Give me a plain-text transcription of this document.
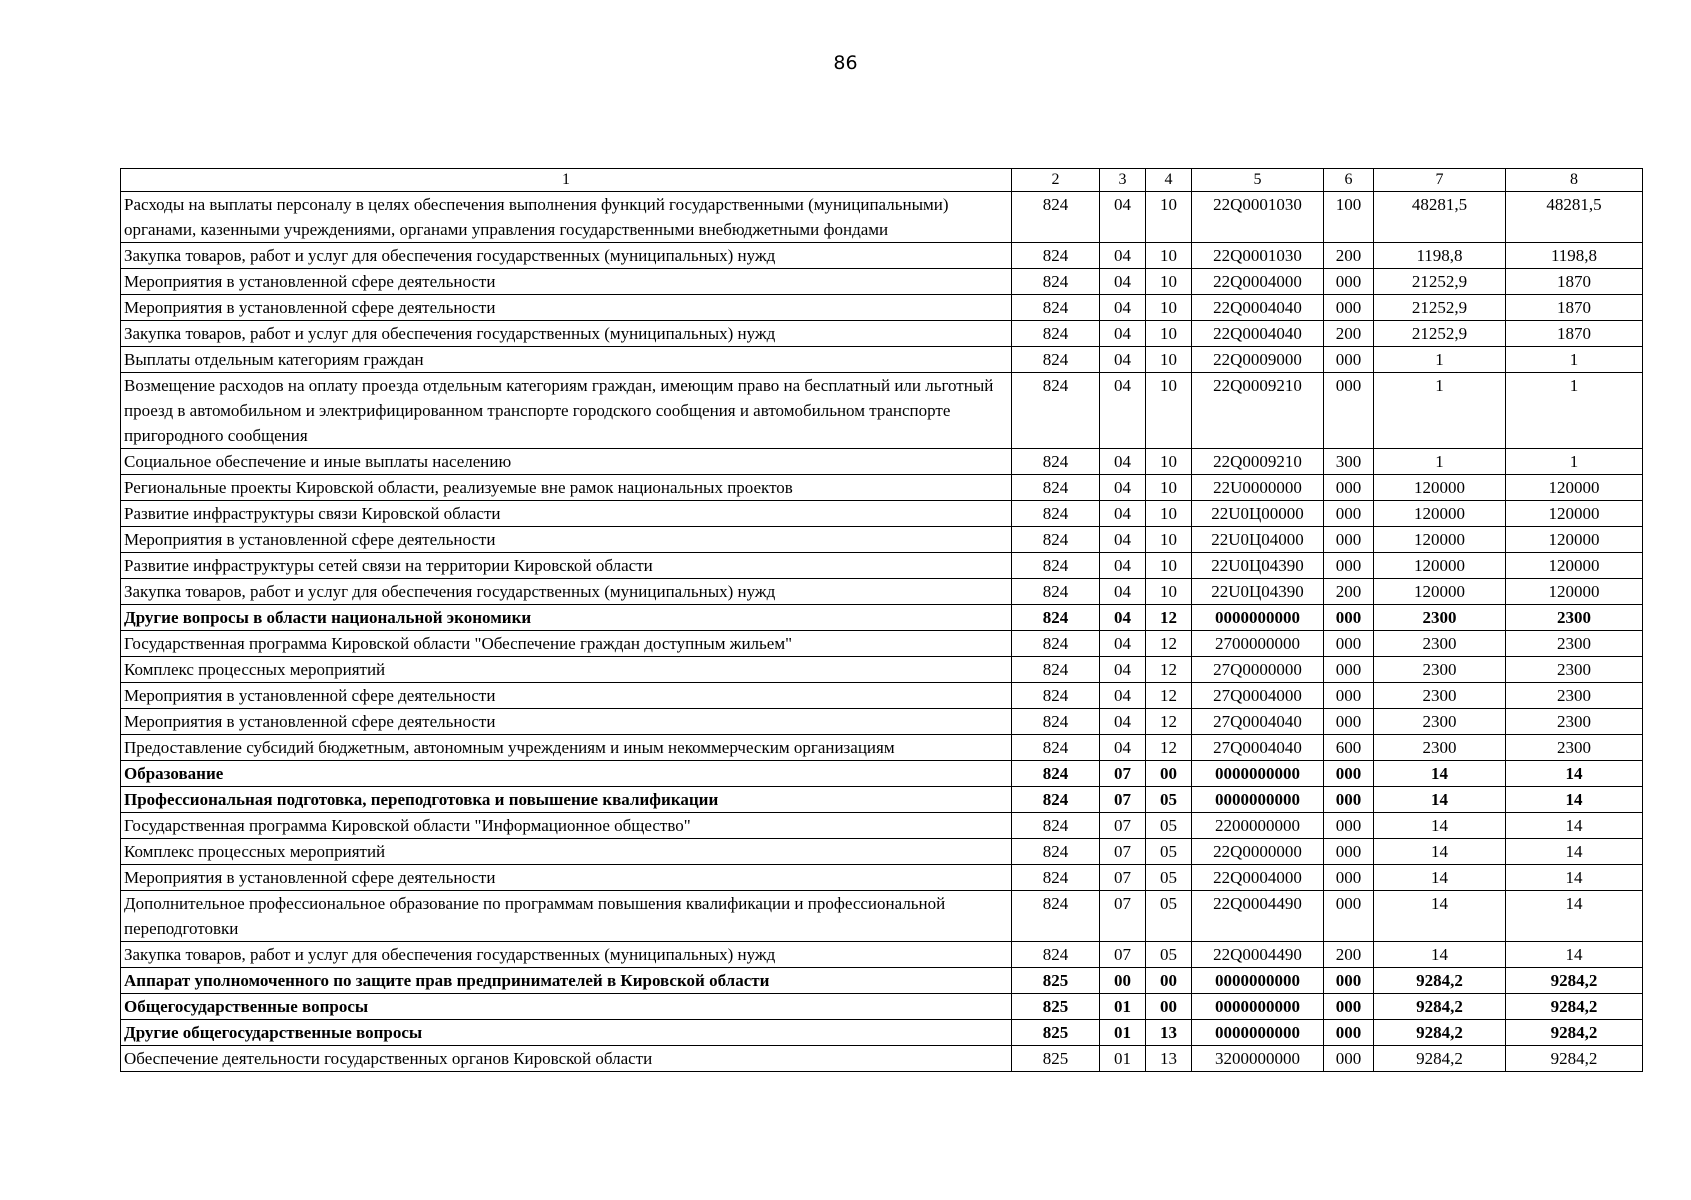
86
1	2	3	4	5	6	7	8
Расходы на выплаты персоналу в целях обеспечения выполнения функций государственными (муниципальными) органами, казенными учреждениями, органами управления государственными внебюджетными фондами	824	04	10	22Q0001030	100	48281,5	48281,5
Закупка товаров, работ и услуг для обеспечения государственных (муниципальных) нужд	824	04	10	22Q0001030	200	1198,8	1198,8
Мероприятия в установленной сфере деятельности	824	04	10	22Q0004000	000	21252,9	1870
Мероприятия в установленной сфере деятельности	824	04	10	22Q0004040	000	21252,9	1870
Закупка товаров, работ и услуг для обеспечения государственных (муниципальных) нужд	824	04	10	22Q0004040	200	21252,9	1870
Выплаты отдельным категориям граждан	824	04	10	22Q0009000	000	1	1
Возмещение расходов на оплату проезда отдельным категориям граждан, имеющим право на бесплатный или льготный проезд в автомобильном и электрифицированном транспорте городского сообщения и автомобильном транспорте пригородного сообщения	824	04	10	22Q0009210	000	1	1
Социальное обеспечение и иные выплаты населению	824	04	10	22Q0009210	300	1	1
Региональные проекты Кировской области, реализуемые вне рамок национальных проектов	824	04	10	22U0000000	000	120000	120000
Развитие инфраструктуры связи Кировской области	824	04	10	22U0Ц00000	000	120000	120000
Мероприятия в установленной сфере деятельности	824	04	10	22U0Ц04000	000	120000	120000
Развитие инфраструктуры сетей связи на территории Кировской области	824	04	10	22U0Ц04390	000	120000	120000
Закупка товаров, работ и услуг для обеспечения государственных (муниципальных) нужд	824	04	10	22U0Ц04390	200	120000	120000
Другие вопросы в области национальной экономики	824	04	12	0000000000	000	2300	2300
Государственная программа Кировской области "Обеспечение граждан доступным жильем"	824	04	12	2700000000	000	2300	2300
Комплекс процессных мероприятий	824	04	12	27Q0000000	000	2300	2300
Мероприятия в установленной сфере деятельности	824	04	12	27Q0004000	000	2300	2300
Мероприятия в установленной сфере деятельности	824	04	12	27Q0004040	000	2300	2300
Предоставление субсидий бюджетным, автономным учреждениям и иным некоммерческим организациям	824	04	12	27Q0004040	600	2300	2300
Образование	824	07	00	0000000000	000	14	14
Профессиональная подготовка, переподготовка и повышение квалификации	824	07	05	0000000000	000	14	14
Государственная программа Кировской области "Информационное общество"	824	07	05	2200000000	000	14	14
Комплекс процессных мероприятий	824	07	05	22Q0000000	000	14	14
Мероприятия в установленной сфере деятельности	824	07	05	22Q0004000	000	14	14
Дополнительное профессиональное образование по программам повышения квалификации и профессиональной переподготовки	824	07	05	22Q0004490	000	14	14
Закупка товаров, работ и услуг для обеспечения государственных (муниципальных) нужд	824	07	05	22Q0004490	200	14	14
Аппарат уполномоченного по защите прав предпринимателей в Кировской области	825	00	00	0000000000	000	9284,2	9284,2
Общегосударственные вопросы	825	01	00	0000000000	000	9284,2	9284,2
Другие общегосударственные вопросы	825	01	13	0000000000	000	9284,2	9284,2
Обеспечение деятельности государственных органов Кировской области	825	01	13	3200000000	000	9284,2	9284,2
